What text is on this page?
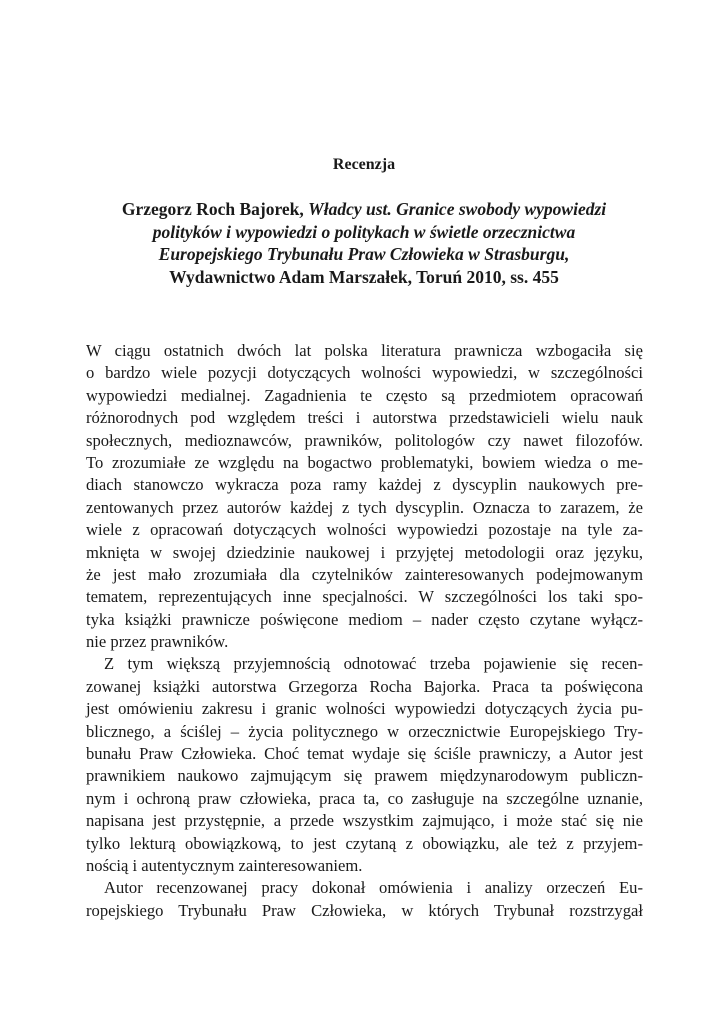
Recenzja
Grzegorz Roch Bajorek, Władcy ust. Granice swobody wypowiedzi
polityków i wypowiedzi o politykach w świetle orzecznictwa
Europejskiego Trybunału Praw Człowieka w Strasburgu,
Wydawnictwo Adam Marszałek, Toruń 2010, ss. 455
W ciągu ostatnich dwóch lat polska literatura prawnicza wzbogaciła się
o bardzo wiele pozycji dotyczących wolności wypowiedzi, w szczególności
wypowiedzi medialnej. Zagadnienia te często są przedmiotem opracowań
różnorodnych pod względem treści i autorstwa przedstawicieli wielu nauk
społecznych, medioznawców, prawników, politologów czy nawet filozofów.
To zrozumiałe ze względu na bogactwo problematyki, bowiem wiedza o me-
diach stanowczo wykracza poza ramy każdej z dyscyplin naukowych pre-
zentowanych przez autorów każdej z tych dyscyplin. Oznacza to zarazem, że
wiele z opracowań dotyczących wolności wypowiedzi pozostaje na tyle za-
mknięta w swojej dziedzinie naukowej i przyjętej metodologii oraz języku,
że jest mało zrozumiała dla czytelników zainteresowanych podejmowanym
tematem, reprezentujących inne specjalności. W szczególności los taki spo-
tyka książki prawnicze poświęcone mediom – nader często czytane wyłącz-
nie przez prawników.
Z tym większą przyjemnością odnotować trzeba pojawienie się recen-
zowanej książki autorstwa Grzegorza Rocha Bajorka. Praca ta poświęcona
jest omówieniu zakresu i granic wolności wypowiedzi dotyczących życia pu-
blicznego, a ściślej – życia politycznego w orzecznictwie Europejskiego Try-
bunału Praw Człowieka. Choć temat wydaje się ściśle prawniczy, a Autor jest
prawnikiem naukowo zajmującym się prawem międzynarodowym publiczn-
nym i ochroną praw człowieka, praca ta, co zasługuje na szczególne uznanie,
napisana jest przystępnie, a przede wszystkim zajmująco, i może stać się nie
tylko lekturą obowiązkową, to jest czytaną z obowiązku, ale też z przyjem-
nością i autentycznym zainteresowaniem.
Autor recenzowanej pracy dokonał omówienia i analizy orzeczeń Eu-
ropejskiego Trybunału Praw Człowieka, w których Trybunał rozstrzygał
